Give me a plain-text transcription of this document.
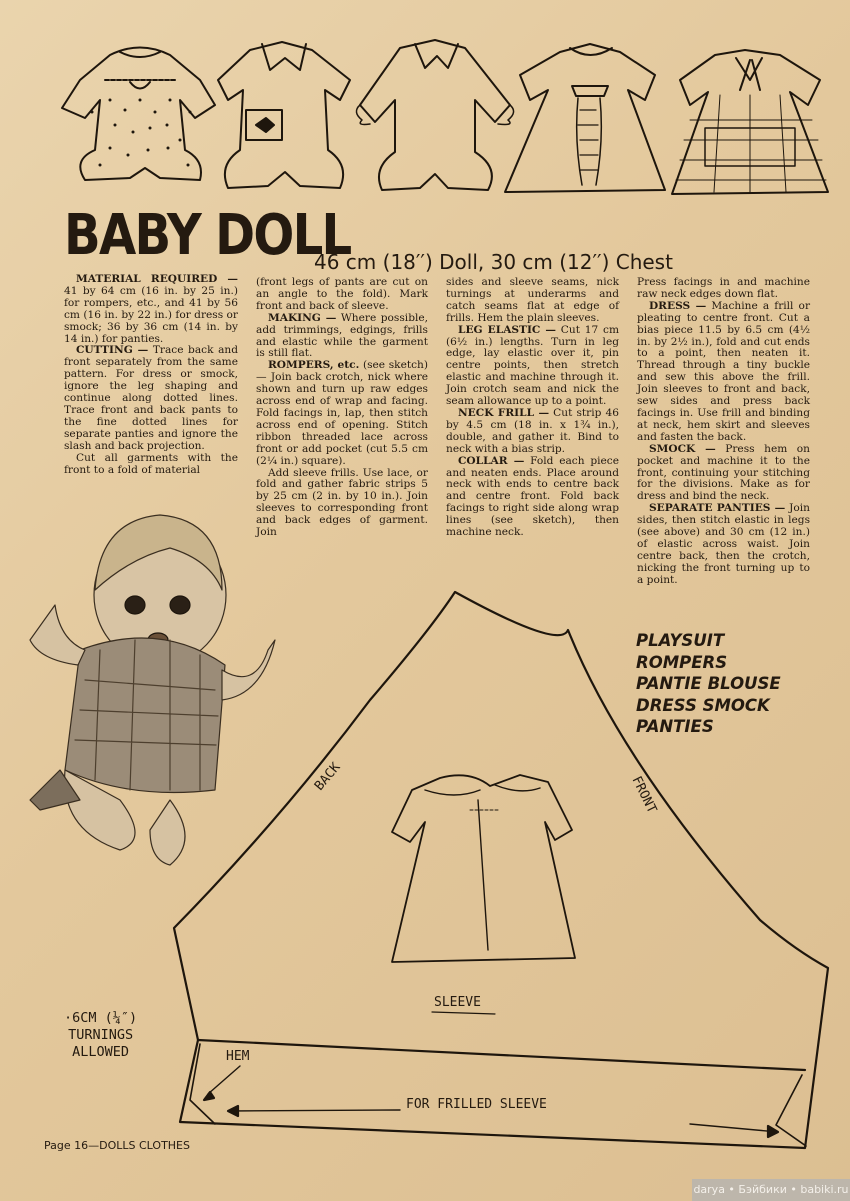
BABY DOLL
46 cm (18′′) Doll, 30 cm (12′′) Chest

MATERIAL REQUIRED — 41 by 64 cm (16 in. by 25 in.) for rompers, etc., and 41 by 56 cm (16 in. by 22 in.) for dress or smock; 36 by 36 cm (14 in. by 14 in.) for panties.

CUTTING — Trace back and front separately from the same pattern. For dress or smock, ignore the leg shaping and continue along dotted lines. Trace front and back pants to the fine dotted lines for separate panties and ignore the slash and back projection.

Cut all garments with the front to a fold of material

(front legs of pants are cut on an angle to the fold). Mark front and back of sleeve.

MAKING — Where possible, add trimmings, edgings, frills and elastic while the garment is still flat.

ROMPERS, etc. (see sketch) — Join back crotch, nick where shown and turn up raw edges across end of wrap and facing. Fold facings in, lap, then stitch across end of opening. Stitch ribbon threaded lace across front or add pocket (cut 5.5 cm (2¼ in.) square).

Add sleeve frills. Use lace, or fold and gather fabric strips 5 by 25 cm (2 in. by 10 in.). Join sleeves to corresponding front and back edges of garment. Join

sides and sleeve seams, nick turnings at underarms and catch seams flat at edge of frills. Hem the plain sleeves.

LEG ELASTIC — Cut 17 cm (6½ in.) lengths. Turn in leg edge, lay elastic over it, pin centre points, then stretch elastic and machine through it. Join crotch seam and nick the seam allowance up to a point.

NECK FRILL — Cut strip 46 by 4.5 cm (18 in. x 1¾ in.), double, and gather it. Bind to neck with a bias strip.

COLLAR — Fold each piece and neaten ends. Place around neck with ends to centre back and centre front. Fold back facings to right side along wrap lines (see sketch), then machine neck.

Press facings in and machine raw neck edges down flat.

DRESS — Machine a frill or pleating to centre front. Cut a bias piece 11.5 by 6.5 cm (4½ in. by 2½ in.), fold and cut ends to a point, then neaten it. Thread through a tiny buckle and sew this above the frill. Join sleeves to front and back, sew sides and press back facings in. Use frill and binding at neck, hem skirt and sleeves and fasten the back.

SMOCK — Press hem on pocket and machine it to the front, continuing your stitching for the divisions. Make as for dress and bind the neck.

SEPARATE PANTIES — Join sides, then stitch elastic in legs (see above) and 30 cm (12 in.) of elastic across waist. Join centre back, then the crotch, nicking the front turning up to a point.

PLAYSUIT
ROMPERS
PANTIE BLOUSE
DRESS SMOCK
PANTIES
BACK	FRONT
SLEEVE
HEM
FOR FRILLED SLEEVE
·6CM (¼″)
TURNINGS
ALLOWED
Page 16—DOLLS CLOTHES
darya • Бэйбики • babiki.ru
